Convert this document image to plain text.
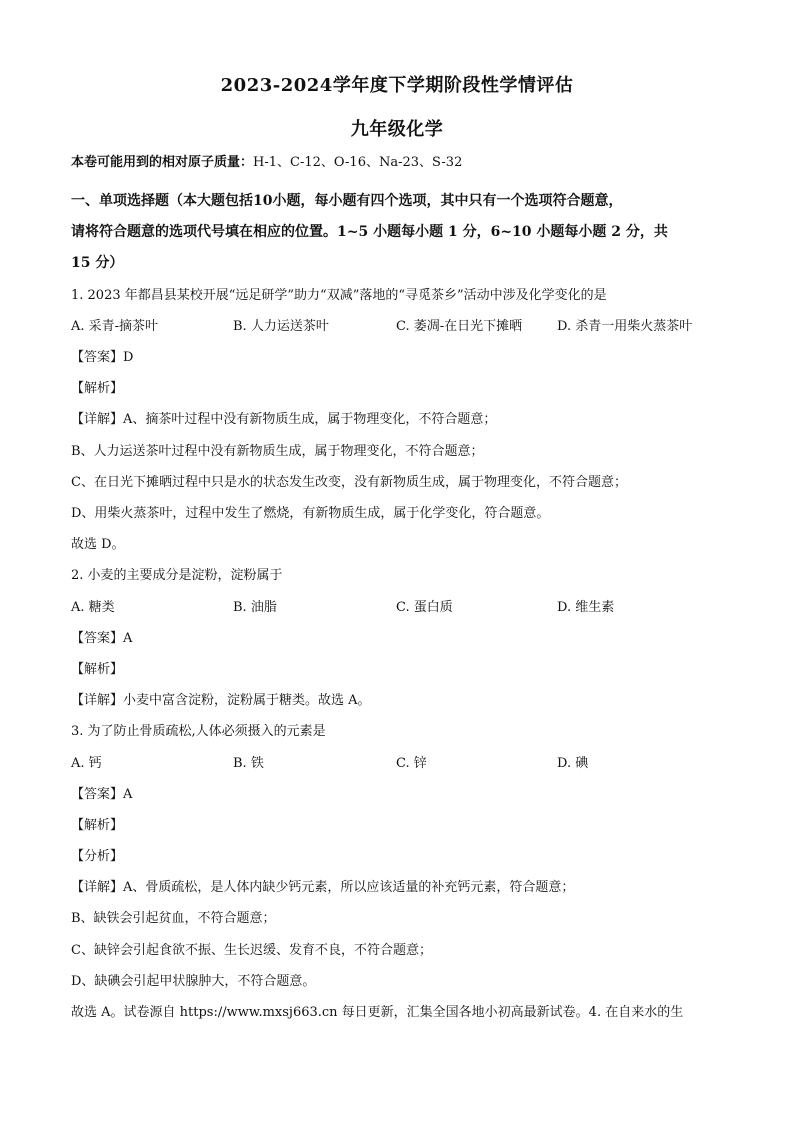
2023-2024学年度下学期阶段性学情评估
九年级化学
本卷可能用到的相对原子质量：H-1、C-12、O-16、Na-23、S-32
一、单项选择题（本大题包括10小题，每小题有四个选项，其中只有一个选项符合题意，
请将符合题意的选项代号填在相应的位置。1~5 小题每小题 1 分，6~10 小题每小题 2 分，共
15 分）
1. 2023 年都昌县某校开展“远足研学”助力“双减”落地的“寻觅茶乡”活动中涉及化学变化的是
A. 采青-摘茶叶	B. 人力运送茶叶	C. 萎凋-在日光下摊晒	D. 杀青一用柴火蒸茶叶
【答案】D
【解析】
【详解】A、摘茶叶过程中没有新物质生成，属于物理变化，不符合题意；
B、人力运送茶叶过程中没有新物质生成，属于物理变化，不符合题意；
C、在日光下摊晒过程中只是水的状态发生改变，没有新物质生成，属于物理变化，不符合题意；
D、用柴火蒸茶叶，过程中发生了燃烧，有新物质生成，属于化学变化，符合题意。
故选 D。
2. 小麦的主要成分是淀粉，淀粉属于
A. 糖类	B. 油脂	C. 蛋白质	D. 维生素
【答案】A
【解析】
【详解】小麦中富含淀粉，淀粉属于糖类。故选 A。
3. 为了防止骨质疏松,人体必须摄入的元素是
A. 钙	B. 铁	C. 锌	D. 碘
【答案】A
【解析】
【分析】
【详解】A、骨质疏松，是人体内缺少钙元素，所以应该适量的补充钙元素，符合题意；
B、缺铁会引起贫血，不符合题意；
C、缺锌会引起食欲不振、生长迟缓、发育不良，不符合题意；
D、缺碘会引起甲状腺肿大，不符合题意。
故选 A。试卷源自 https://www.mxsj663.cn 每日更新，汇集全国各地小初高最新试卷。4. 在自来水的生
